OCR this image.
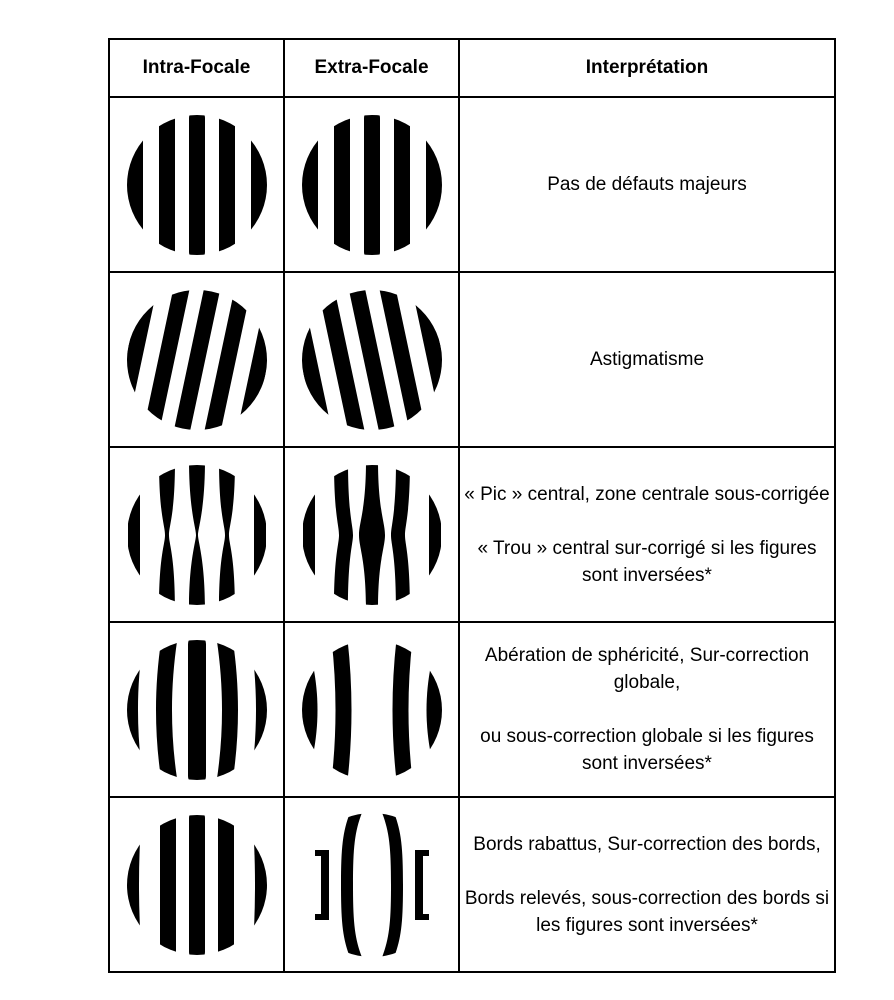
Intra-Focale	Extra-Focale	Interprétation

Pas de défauts majeurs

Astigmatisme

« Pic » central, zone centrale sous-corrigée
« Trou » central sur-corrigé si les figures sont inversées*

Abération de sphéricité, Sur-correction globale,
ou sous-correction globale si les figures sont inversées*

Bords rabattus, Sur-correction des bords,
Bords relevés, sous-correction des bords si les figures sont inversées*
